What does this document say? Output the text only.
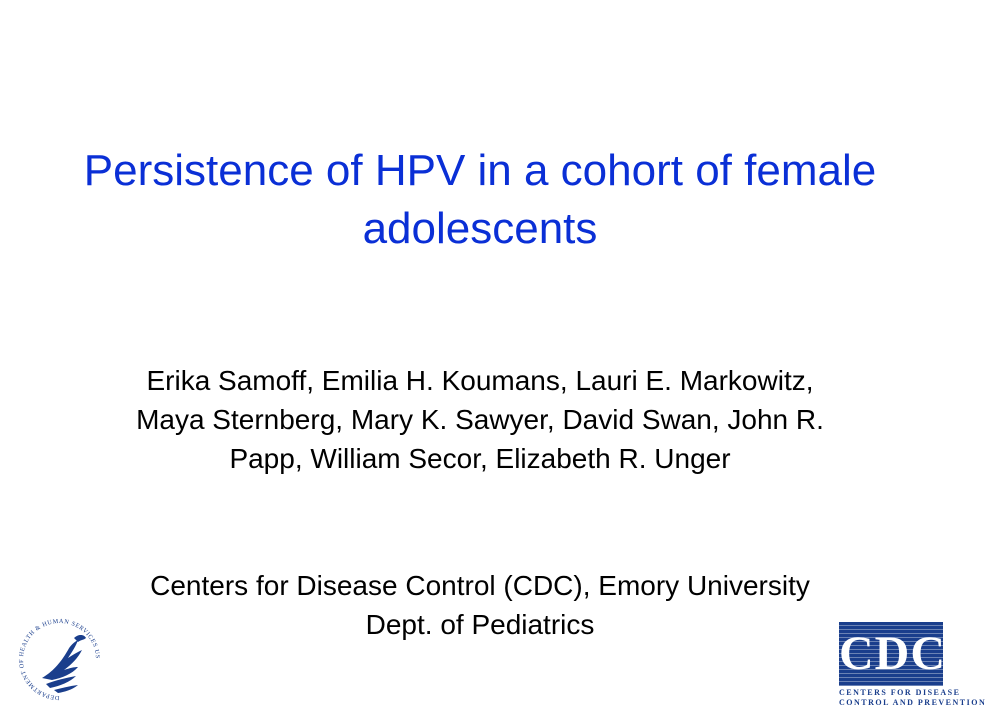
Persistence of HPV in a cohort of female adolescents

Erika Samoff, Emilia H. Koumans, Lauri E. Markowitz, Maya Sternberg, Mary K. Sawyer, David Swan, John R. Papp, William Secor, Elizabeth R. Unger

Centers for Disease Control (CDC), Emory University Dept. of Pediatrics

DEPARTMENT OF HEALTH & HUMAN SERVICES US	CDC
CENTERS FOR DISEASE
CONTROL AND PREVENTION
